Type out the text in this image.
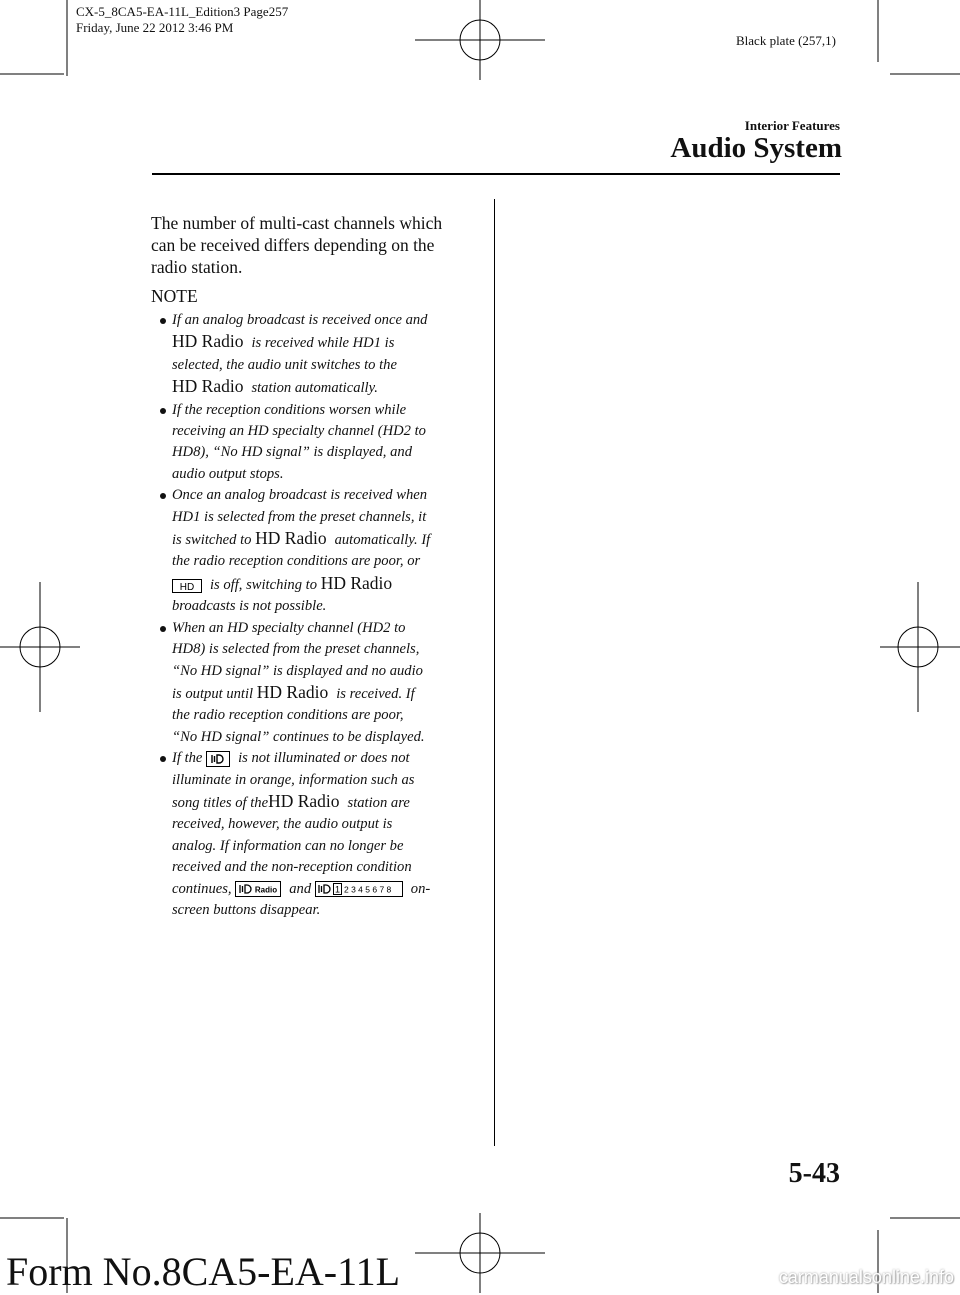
CX-5_8CA5-EA-11L_Edition3 Page257
Friday, June 22 2012 3:46 PM
Black plate (257,1)
Interior Features
Audio System

The number of multi-cast channels which

can be received differs depending on the

radio station.

NOTE
If an analog broadcast is received once and
HD Radio is received while HD1 is
selected, the audio unit switches to the
HD Radio station automatically.
If the reception conditions worsen while
receiving an HD specialty channel (HD2 to
HD8), “No HD signal” is displayed, and
audio output stops.
Once an analog broadcast is received when
HD1 is selected from the preset channels, it
is switched to HD Radio automatically. If
the radio reception conditions are poor, or
HD is off, switching to HD Radio
broadcasts is not possible.
When an HD specialty channel (HD2 to
HD8) is selected from the preset channels,
“No HD signal” is displayed and no audio
is output until HD Radio is received. If
the radio reception conditions are poor,
“No HD signal” continues to be displayed.
If the is not illuminated or does not
illuminate in orange, information such as
song titles of theHD Radio station are
received, however, the audio output is
analog. If information can no longer be
received and the non-reception condition
continues,	Radio and	1 2 3 4 5 6 7 8 on-
screen buttons disappear.
5-43
Form No.8CA5-EA-11L	carmanualsonline.info
